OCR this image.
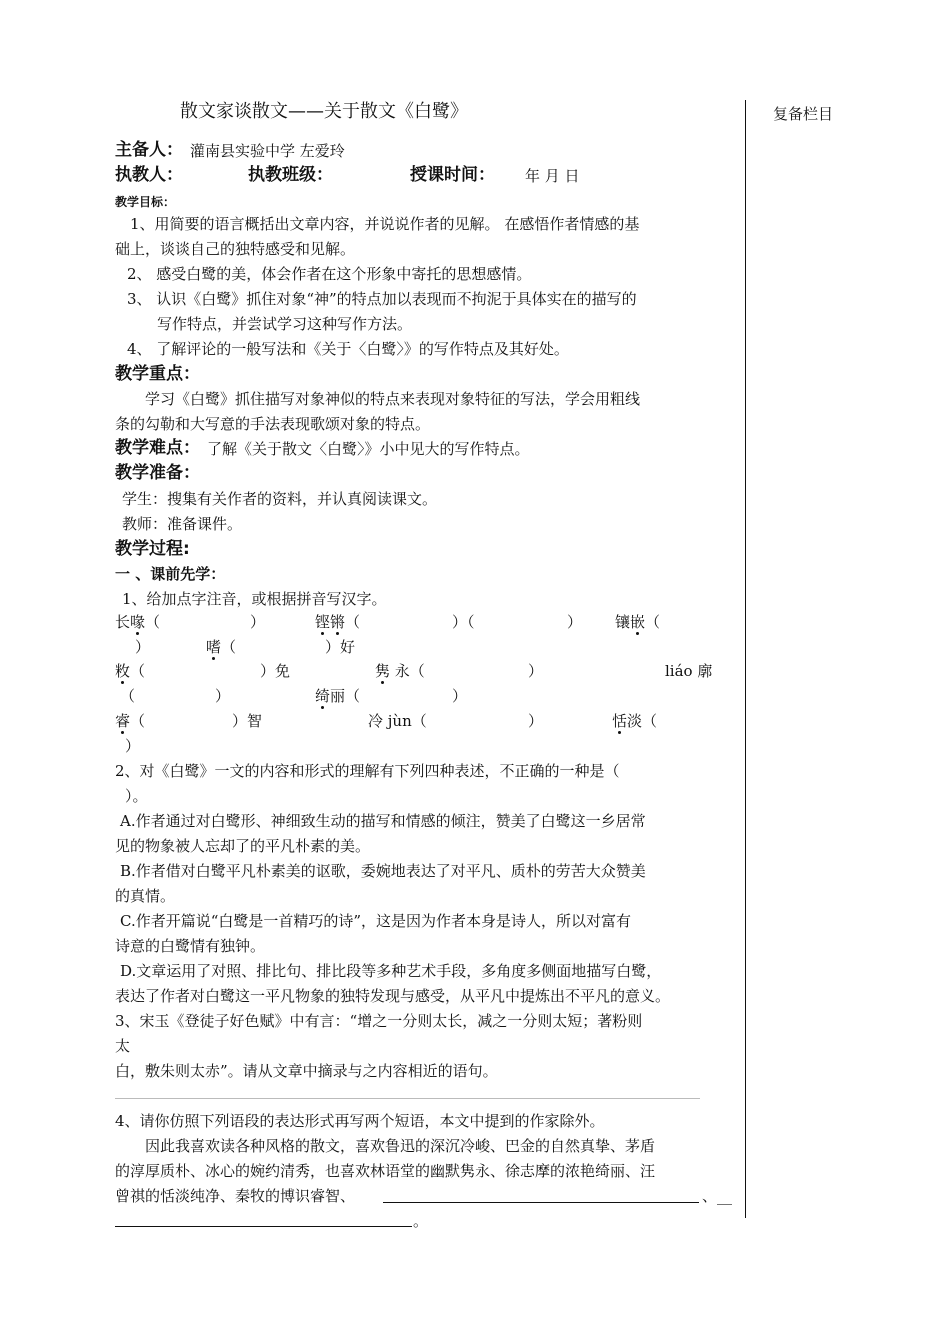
复备栏目
散文家谈散文——关于散文《白鹭》
主备人： 灌南县实验中学 左爱玲
执教人：	执教班级：	授课时间： 年 月 日
教学目标：
1、用简要的语言概括出文章内容，并说说作者的见解。 在感悟作者情感的基
础上，谈谈自己的独特感受和见解。
2、 感受白鹭的美，体会作者在这个形象中寄托的思想感情。
3、 认识《白鹭》抓住对象“神”的特点加以表现而不拘泥于具体实在的描写的
写作特点，并尝试学习这种写作方法。
4、 了解评论的一般写法和《关于〈白鹭〉》的写作特点及其好处。
教学重点：
学习《白鹭》抓住描写对象神似的特点来表现对象特征的写法，学会用粗线
条的勾勒和大写意的手法表现歌颂对象的特点。
教学难点： 了解《关于散文〈白鹭〉》小中见大的写作特点。
教学准备：
学生：搜集有关作者的资料，并认真阅读课文。
教师：准备课件。
教学过程:
一 、课前先学：
1、给加点字注音，或根据拼音写汉字。
长喙（	）	铿锵（	）（	） 镶嵌（
）	嗜（	）好
敉（	）免	隽 永（	）	liáo 廓
（	）	绮丽（	）
睿（	）智	冷 jùn（	）	恬淡（
）
2、对《白鹭》一文的内容和形式的理解有下列四种表述，不正确的一种是（
）。
A.作者通过对白鹭形、神细致生动的描写和情感的倾注，赞美了白鹭这一乡居常
见的物象被人忘却了的平凡朴素的美。
B.作者借对白鹭平凡朴素美的讴歌，委婉地表达了对平凡、质朴的劳苦大众赞美
的真情。
C.作者开篇说“白鹭是一首精巧的诗”，这是因为作者本身是诗人，所以对富有
诗意的白鹭情有独钟。
D.文章运用了对照、排比句、排比段等多种艺术手段，多角度多侧面地描写白鹭，
表达了作者对白鹭这一平凡物象的独特发现与感受，从平凡中提炼出不平凡的意义。
3、宋玉《登徒子好色赋》中有言：“增之一分则太长，减之一分则太短；著粉则
太
白，敷朱则太赤”。请从文章中摘录与之内容相近的语句。
4、请你仿照下列语段的表达形式再写两个短语，本文中提到的作家除外。
因此我喜欢读各种风格的散文，喜欢鲁迅的深沉冷峻、巴金的自然真挚、茅盾
的淳厚质朴、冰心的婉约清秀，也喜欢林语堂的幽默隽永、徐志摩的浓艳绮丽、汪
曾祺的恬淡纯净、秦牧的博识睿智、	、__
。
